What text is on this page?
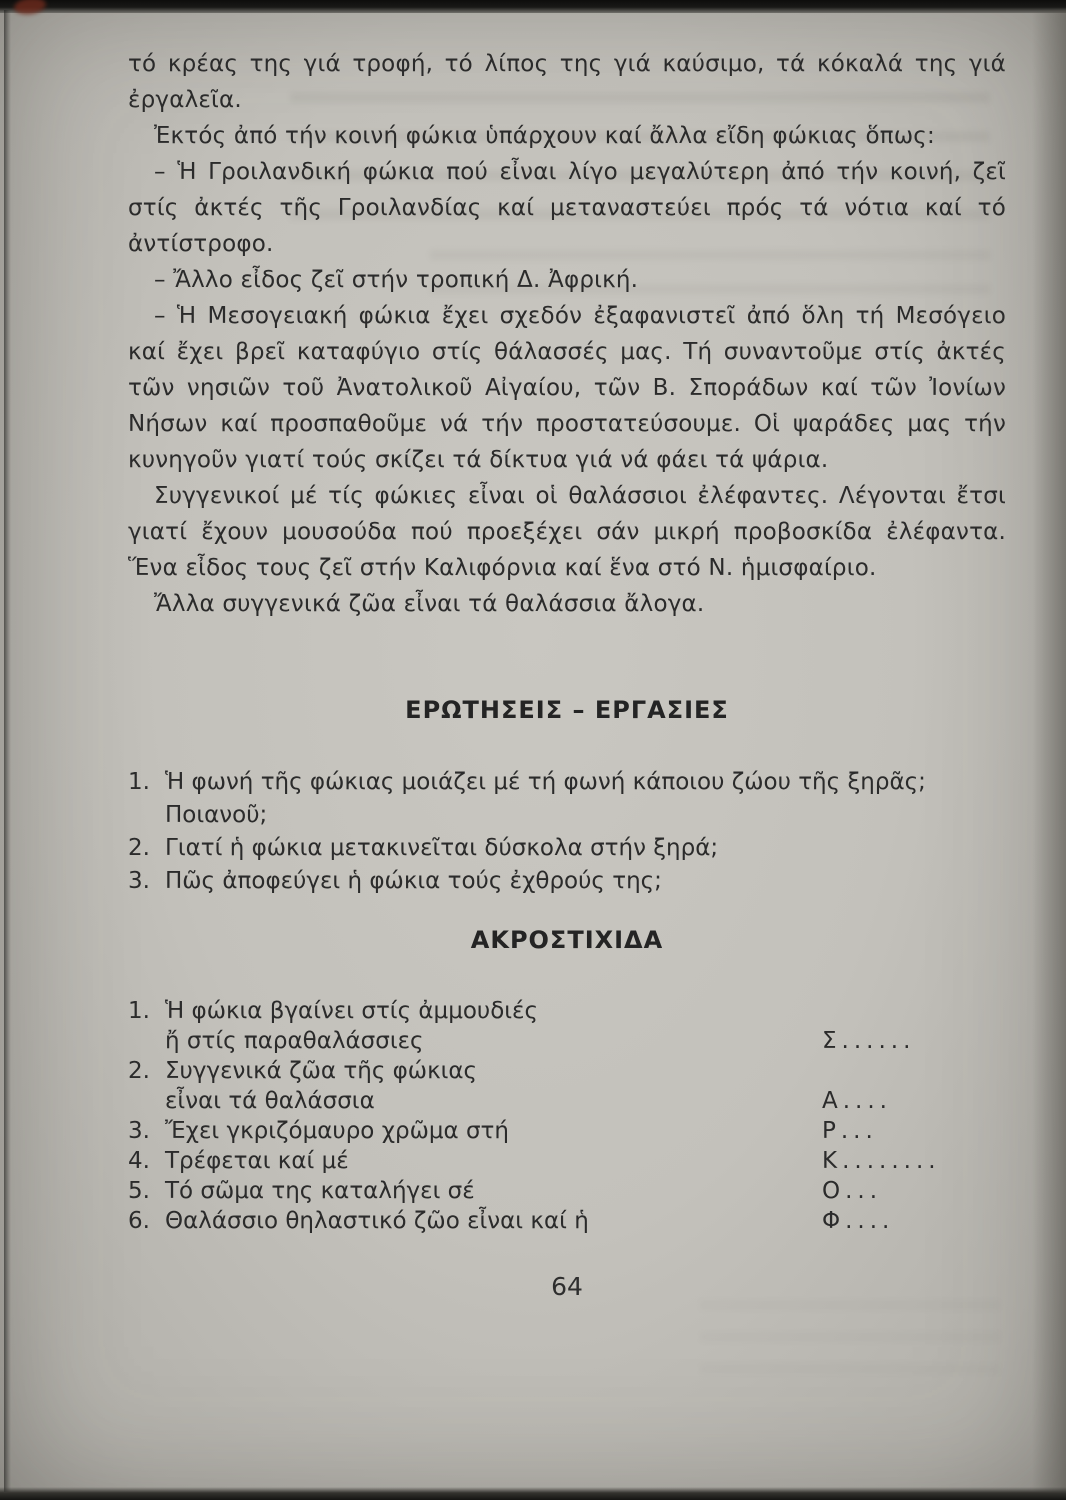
τό κρέας της γιά τροφή, τό λίπος της γιά καύσιμο, τά κόκαλά της γιά ἐργαλεῖα.

Ἐκτός ἀπό τήν κοινή φώκια ὑπάρχουν καί ἄλλα εἴδη φώκιας ὅπως:

– Ἡ Γροιλανδική φώκια πού εἶναι λίγο μεγαλύτερη ἀπό τήν κοινή, ζεῖ στίς ἀκτές τῆς Γροιλανδίας καί μεταναστεύει πρός τά νότια καί τό ἀντίστροφο.

– Ἄλλο εἶδος ζεῖ στήν τροπική Δ. Ἀφρική.

– Ἡ Μεσογειακή φώκια ἔχει σχεδόν ἐξαφανιστεῖ ἀπό ὅλη τή Μεσόγειο καί ἔχει βρεῖ καταφύγιο στίς θάλασσές μας. Τή συναντοῦμε στίς ἀκτές τῶν νησιῶν τοῦ Ἀνατολικοῦ Αἰγαίου, τῶν Β. Σποράδων καί τῶν Ἰονίων Νήσων καί προσπαθοῦμε νά τήν προστατεύσουμε. Οἱ ψαράδες μας τήν κυνηγοῦν γιατί τούς σκίζει τά δίκτυα γιά νά φάει τά ψάρια.

Συγγενικοί μέ τίς φώκιες εἶναι οἱ θαλάσσιοι ἐλέφαντες. Λέγονται ἔτσι γιατί ἔχουν μουσούδα πού προεξέχει σάν μικρή προβοσκίδα ἐλέφαντα. Ἕνα εἶδος τους ζεῖ στήν Καλιφόρνια καί ἕνα στό Ν. ἡμισφαίριο.

Ἄλλα συγγενικά ζῶα εἶναι τά θαλάσσια ἄλογα.

ΕΡΩΤΗΣΕΙΣ – ΕΡΓΑΣΙΕΣ
1. Ἡ φωνή τῆς φώκιας μοιάζει μέ τή φωνή κάποιου ζώου τῆς ξηρᾶς; Ποιανοῦ;
2. Γιατί ἡ φώκια μετακινεῖται δύσκολα στήν ξηρά;
3. Πῶς ἀποφεύγει ἡ φώκια τούς ἐχθρούς της;
ΑΚΡΟΣΤΙΧΙΔΑ
1. Ἡ φώκια βγαίνει στίς ἀμμουδιές
ἤ στίς παραθαλάσσιες	Σ......
2. Συγγενικά ζῶα τῆς φώκιας
εἶναι τά θαλάσσια	Α....
3. Ἔχει γκριζόμαυρο χρῶμα στή	Ρ...
4. Τρέφεται καί μέ	Κ........
5. Τό σῶμα της καταλήγει σέ	Ο...
6. Θαλάσσιο θηλαστικό ζῶο εἶναι καί ἡ	Φ....
64
